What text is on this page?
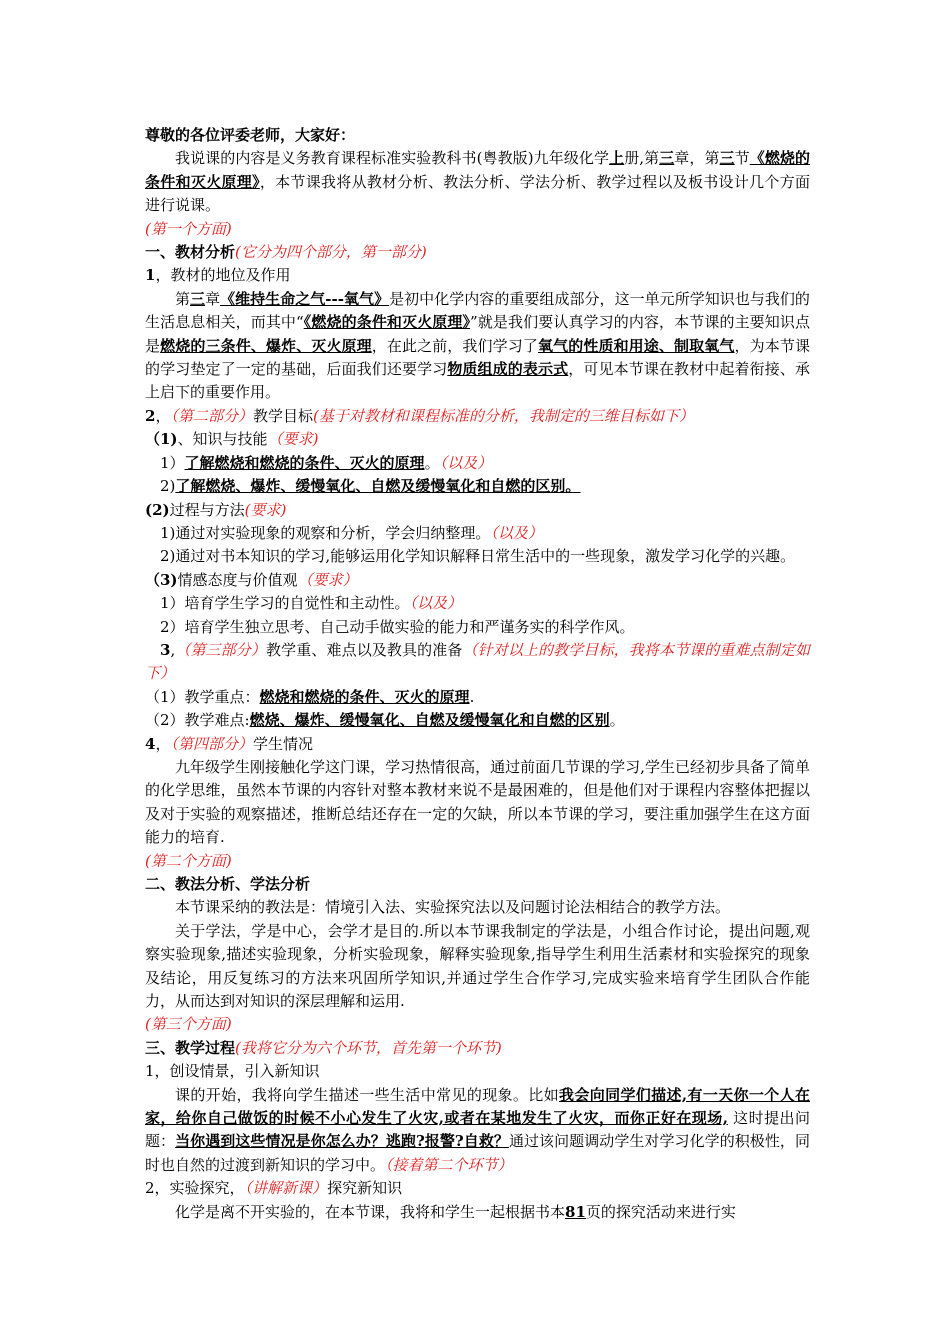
尊敬的各位评委老师，大家好：

我说课的内容是义务教育课程标准实验教科书(粤教版)九年级化学上册,第三章，第三节《燃烧的条件和灭火原理》，本节课我将从教材分析、教法分析、学法分析、教学过程以及板书设计几个方面进行说课。

(第一个方面)

一、教材分析(它分为四个部分，第一部分)

1，教材的地位及作用

第三章《维持生命之气---氧气》是初中化学内容的重要组成部分，这一单元所学知识也与我们的生活息息相关，而其中“《燃烧的条件和灭火原理》”就是我们要认真学习的内容，本节课的主要知识点是燃烧的三条件、爆炸、灭火原理，在此之前，我们学习了氧气的性质和用途、制取氧气，为本节课的学习垫定了一定的基础，后面我们还要学习物质组成的表示式，可见本节课在教材中起着衔接、承上启下的重要作用。

2，（第二部分）教学目标(基于对教材和课程标准的分析，我制定的三维目标如下）

（1)、知识与技能（要求)

1）了解燃烧和燃烧的条件、灭火的原理。（以及）

2)了解燃烧、爆炸、缓慢氧化、自燃及缓慢氧化和自燃的区别。

(2)过程与方法(要求)

1)通过对实验现象的观察和分析，学会归纳整理。（以及）

2)通过对书本知识的学习,能够运用化学知识解释日常生活中的一些现象，激发学习化学的兴趣。

（3)情感态度与价值观（要求）

1）培育学生学习的自觉性和主动性。（以及）

2）培育学生独立思考、自己动手做实验的能力和严谨务实的科学作风。

3,（第三部分）教学重、难点以及教具的准备（针对以上的教学目标，我将本节课的重难点制定如下）

（1）教学重点：燃烧和燃烧的条件、灭火的原理.

（2）教学难点:燃烧、爆炸、缓慢氧化、自燃及缓慢氧化和自燃的区别。

4，（第四部分）学生情况

九年级学生刚接触化学这门课，学习热情很高，通过前面几节课的学习,学生已经初步具备了简单的化学思维，虽然本节课的内容针对整本教材来说不是最困难的，但是他们对于课程内容整体把握以及对于实验的观察描述，推断总结还存在一定的欠缺，所以本节课的学习，要注重加强学生在这方面能力的培育.

(第二个方面)

二、教法分析、学法分析

本节课采纳的教法是：情境引入法、实验探究法以及问题讨论法相结合的教学方法。

关于学法，学是中心，会学才是目的.所以本节课我制定的学法是，小组合作讨论，提出问题,观察实验现象,描述实验现象，分析实验现象，解释实验现象,指导学生利用生活素材和实验探究的现象及结论，用反复练习的方法来巩固所学知识,并通过学生合作学习,完成实验来培育学生团队合作能力，从而达到对知识的深层理解和运用.

(第三个方面)

三、教学过程(我将它分为六个环节，首先第一个环节)

1，创设情景，引入新知识

课的开始，我将向学生描述一些生活中常见的现象。比如我会向同学们描述,有一天你一个人在家，给你自己做饭的时候不小心发生了火灾,或者在某地发生了火灾，而你正好在现场, 这时提出问题：当你遇到这些情况是你怎么办？逃跑?报警?自救？通过该问题调动学生对学习化学的积极性，同时也自然的过渡到新知识的学习中。（接着第二个环节）

2，实验探究，（讲解新课）探究新知识

化学是离不开实验的，在本节课，我将和学生一起根据书本81页的探究活动来进行实
